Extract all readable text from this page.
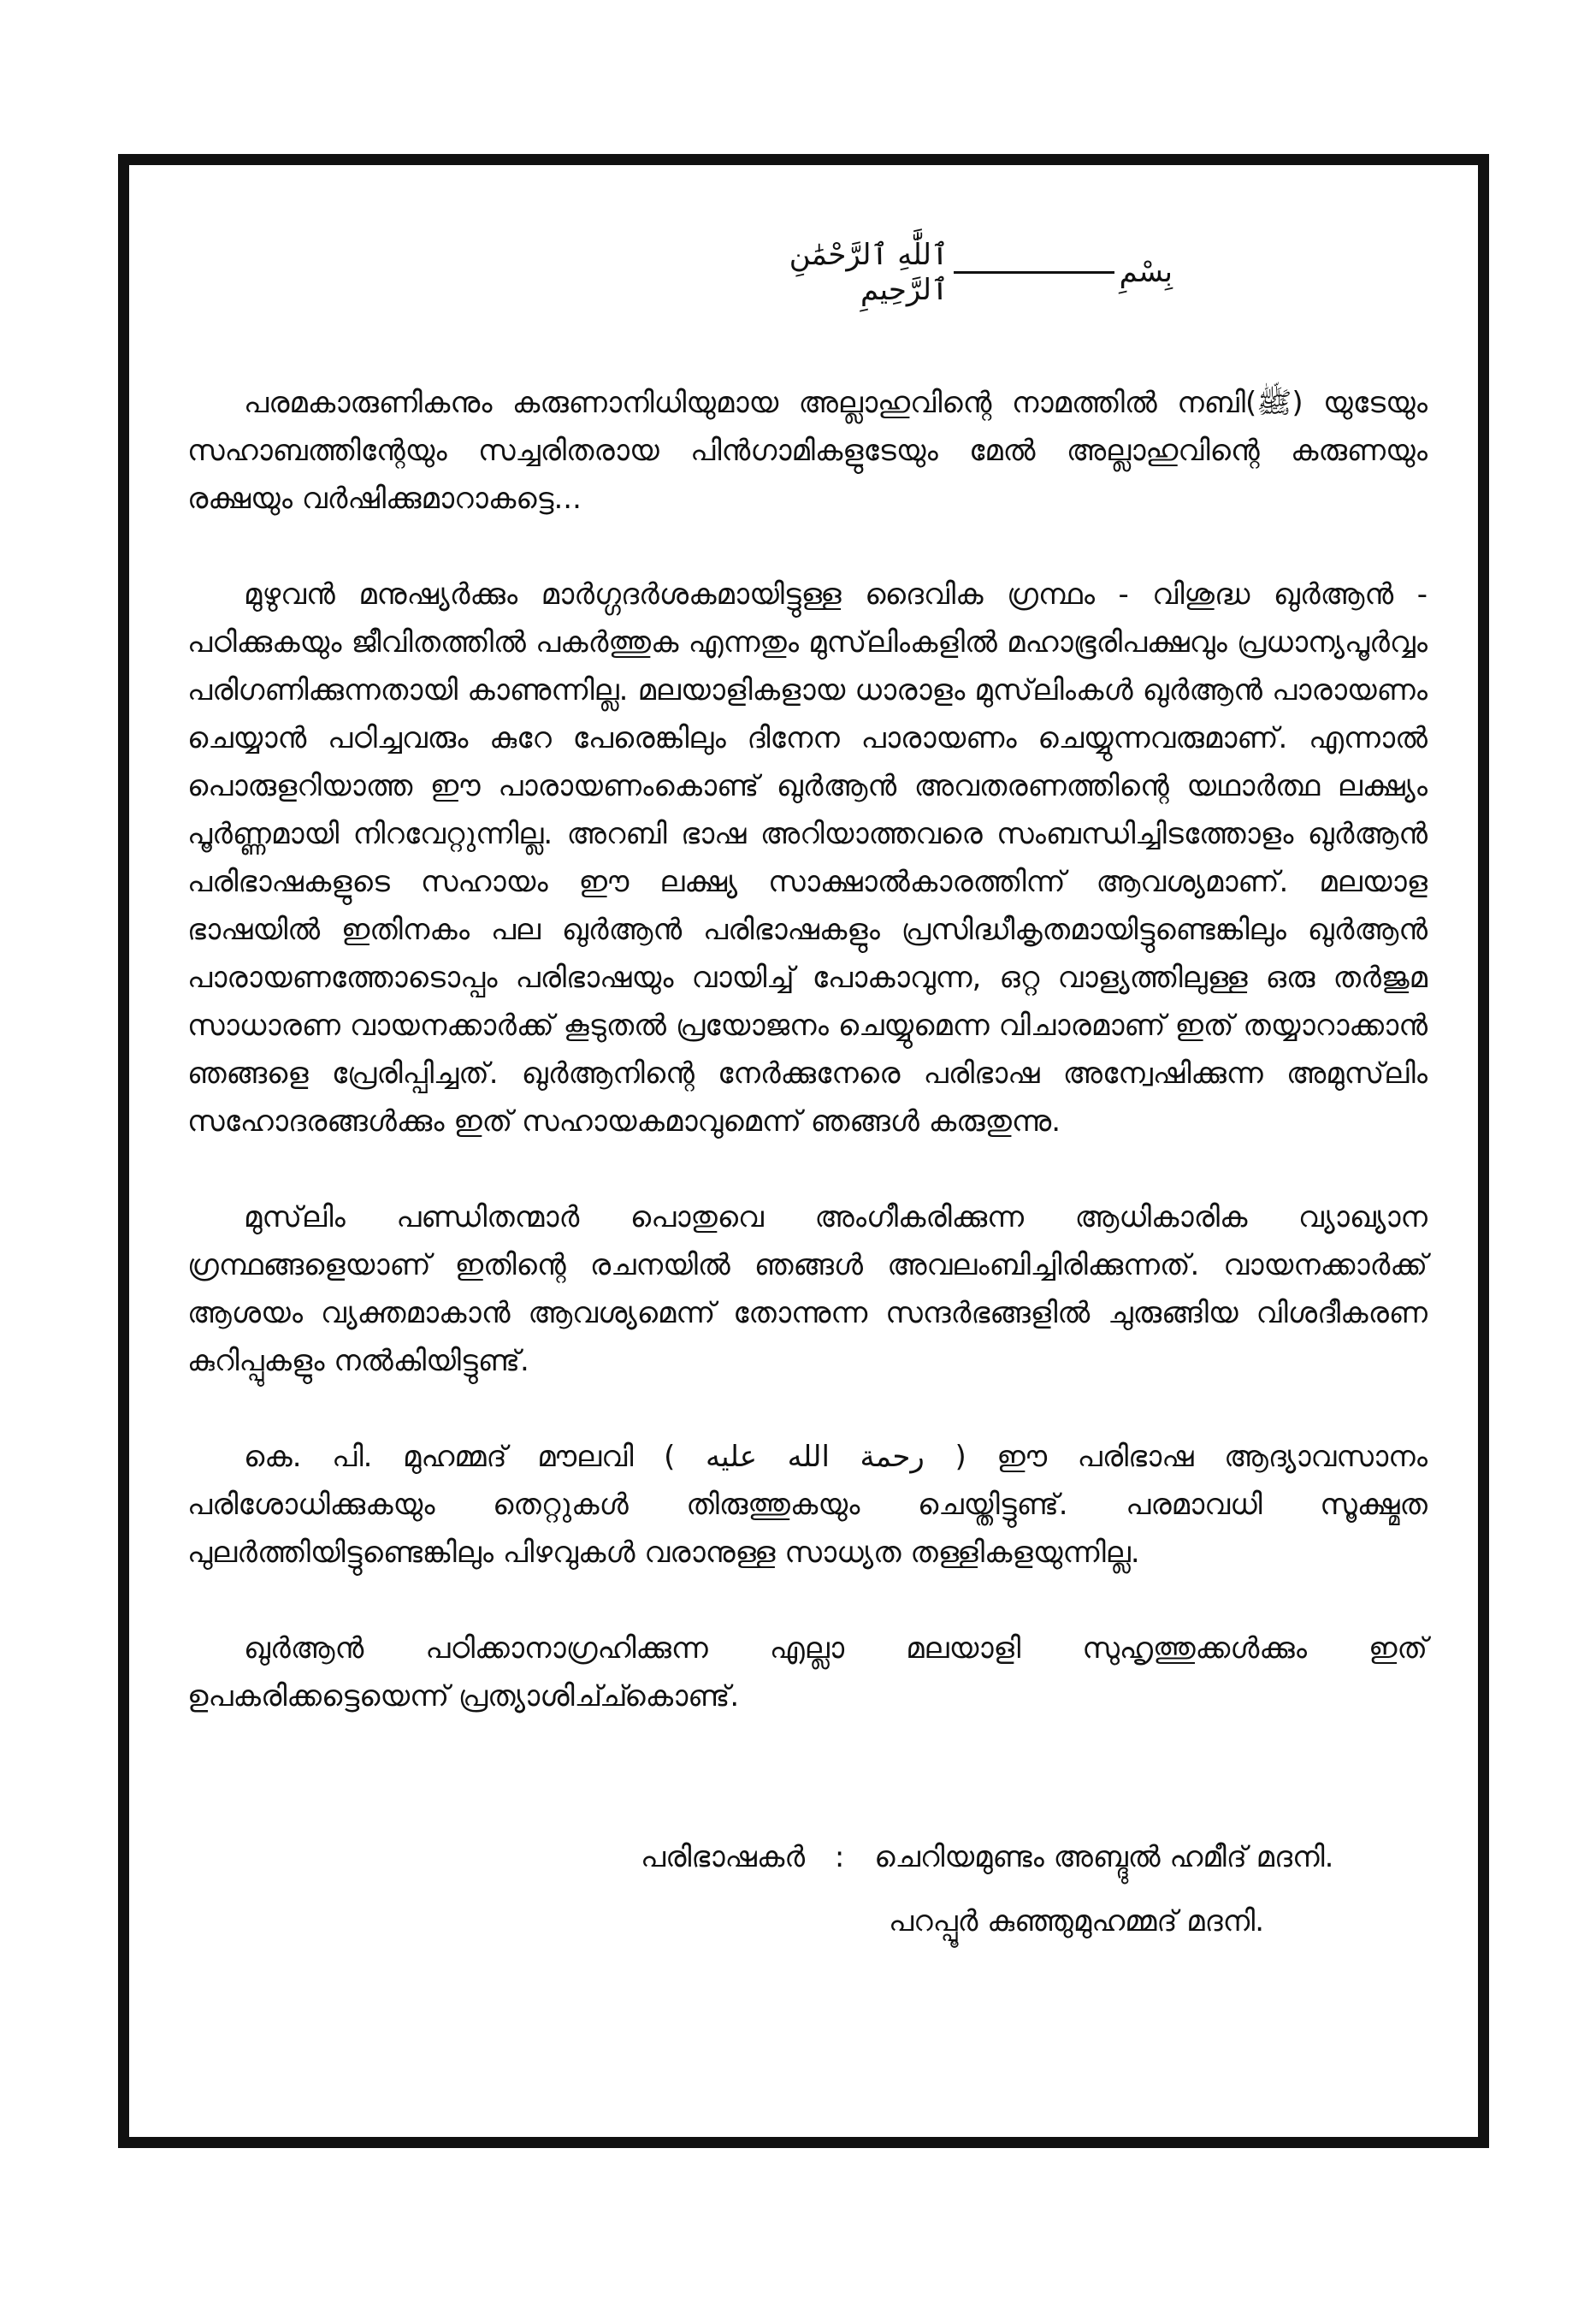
بِسْمِ
ٱللَّٰهِ ٱلرَّحْمَٰنِ ٱلرَّحِيمِ

പരമകാരുണികനും കരുണാനിധിയുമായ അല്ലാഹുവിന്റെ നാമത്തില്‍ നബി(ﷺ) യുടേയും സഹാബത്തിന്റേയും സച്ചരിതരായ പിന്‍ഗാമികളുടേയും മേല്‍ അല്ലാഹുവിന്റെ കരുണയും രക്ഷയും വര്‍ഷിക്കുമാറാകട്ടെ...

മുഴുവന്‍ മനുഷ്യര്‍ക്കും മാര്‍ഗ്ഗദര്‍ശകമായിട്ടുള്ള ദൈവിക ഗ്രന്ഥം - വിശുദ്ധ ഖുര്‍ആന്‍ - പഠിക്കുകയും ജീവിതത്തില്‍ പകര്‍ത്തുക എന്നതും മുസ്‌ലിംകളില്‍ മഹാഭൂരിപക്ഷവും പ്രധാന്യപൂര്‍വ്വം പരിഗണിക്കുന്നതായി കാണുന്നില്ല. മലയാളികളായ ധാരാളം മുസ്‌ലിംകള്‍ ഖുര്‍ആന്‍ പാരായണം ചെയ്യാന്‍ പഠിച്ചവരും കുറേ പേരെങ്കിലും ദിനേന പാരായണം ചെയ്യുന്നവരുമാണ്. എന്നാല്‍ പൊരുളറിയാത്ത ഈ പാരായണംകൊണ്ട് ഖുര്‍ആന്‍ അവതരണത്തിന്റെ യഥാര്‍ത്ഥ ലക്ഷ്യം പൂര്‍ണ്ണമായി നിറവേറ്റുന്നില്ല. അറബി ഭാഷ അറിയാത്തവരെ സംബന്ധിച്ചിടത്തോളം ഖുര്‍ആന്‍ പരിഭാഷകളുടെ സഹായം ഈ ലക്ഷ്യ സാക്ഷാല്‍കാരത്തിന്ന് ആവശ്യമാണ്. മലയാള ഭാഷയില്‍ ഇതിനകം പല ഖുര്‍ആന്‍ പരിഭാഷകളും പ്രസിദ്ധീകൃതമായിട്ടുണ്ടെങ്കിലും ഖുര്‍ആന്‍ പാരായണത്തോടൊപ്പം പരിഭാഷയും വായിച്ച് പോകാവുന്ന, ഒറ്റ വാള്യത്തിലുള്ള ഒരു തര്‍ജുമ സാധാരണ വായനക്കാര്‍ക്ക് കൂടുതല്‍ പ്രയോജനം ചെയ്യുമെന്ന വിചാരമാണ് ഇത് തയ്യാറാക്കാന്‍ ഞങ്ങളെ പ്രേരിപ്പിച്ചത്. ഖുര്‍ആനിന്റെ നേര്‍ക്കുനേരെ പരിഭാഷ അന്വേഷിക്കുന്ന അമുസ്‌ലിം സഹോദരങ്ങള്‍ക്കും ഇത് സഹായകമാവുമെന്ന് ഞങ്ങള്‍ കരുതുന്നു.

മുസ്‌ലിം പണ്ഡിതന്മാര്‍ പൊതുവെ അംഗീകരിക്കുന്ന ആധികാരിക വ്യാഖ്യാന ഗ്രന്ഥങ്ങളെയാണ് ഇതിന്റെ രചനയില്‍ ഞങ്ങള്‍ അവലംബിച്ചിരിക്കുന്നത്. വായനക്കാര്‍ക്ക് ആശയം വ്യക്തമാകാന്‍ ആവശ്യമെന്ന് തോന്നുന്ന സന്ദര്‍ഭങ്ങളില്‍ ചുരുങ്ങിയ വിശദീകരണ കുറിപ്പുകളും നല്‍കിയിട്ടുണ്ട്.

കെ. പി. മുഹമ്മദ് മൗലവി ( رحمة الله عليه ) ഈ പരിഭാഷ ആദ്യാവസാനം പരിശോധിക്കുകയും തെറ്റുകള്‍ തിരുത്തുകയും ചെയ്തിട്ടുണ്ട്. പരമാവധി സൂക്ഷ്മത പുലര്‍ത്തിയിട്ടുണ്ടെങ്കിലും പിഴവുകള്‍ വരാനുള്ള സാധ്യത തള്ളികളയുന്നില്ല.

ഖുര്‍ആന്‍ പഠിക്കാനാഗ്രഹിക്കുന്ന എല്ലാ മലയാളി സുഹൃത്തുക്കള്‍ക്കും ഇത് ഉപകരിക്കട്ടെയെന്ന് പ്രത്യാശിച്ച്കൊണ്ട്.

പരിഭാഷകര്‍ : ചെറിയമുണ്ടം അബ്ദുല്‍ ഹമീദ് മദനി.
പറപ്പൂര്‍ കുഞ്ഞുമുഹമ്മദ് മദനി.
